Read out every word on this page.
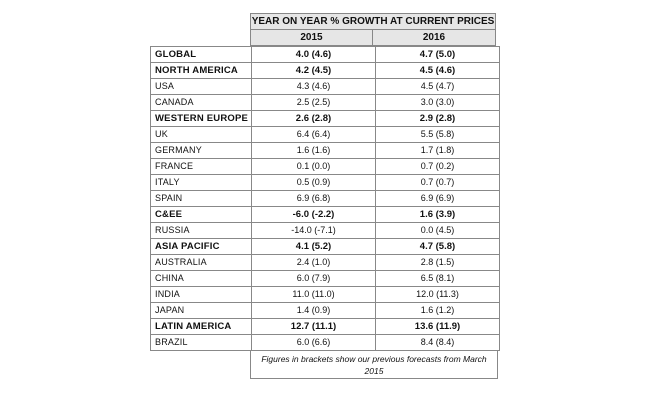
YEAR ON YEAR % GROWTH AT CURRENT PRICES
2015	2016
GLOBAL	4.0 (4.6)	4.7 (5.0)
NORTH AMERICA	4.2 (4.5)	4.5 (4.6)
USA	4.3 (4.6)	4.5 (4.7)
CANADA	2.5 (2.5)	3.0 (3.0)
WESTERN EUROPE	2.6 (2.8)	2.9 (2.8)
UK	6.4 (6.4)	5.5 (5.8)
GERMANY	1.6 (1.6)	1.7 (1.8)
FRANCE	0.1 (0.0)	0.7 (0.2)
ITALY	0.5 (0.9)	0.7 (0.7)
SPAIN	6.9 (6.8)	6.9 (6.9)
C&EE	-6.0 (-2.2)	1.6 (3.9)
RUSSIA	-14.0 (-7.1)	0.0 (4.5)
ASIA PACIFIC	4.1 (5.2)	4.7 (5.8)
AUSTRALIA	2.4 (1.0)	2.8 (1.5)
CHINA	6.0 (7.9)	6.5 (8.1)
INDIA	11.0 (11.0)	12.0 (11.3)
JAPAN	1.4 (0.9)	1.6 (1.2)
LATIN AMERICA	12.7 (11.1)	13.6 (11.9)
BRAZIL	6.0 (6.6)	8.4 (8.4)
Figures in brackets show our previous forecasts from March 2015
